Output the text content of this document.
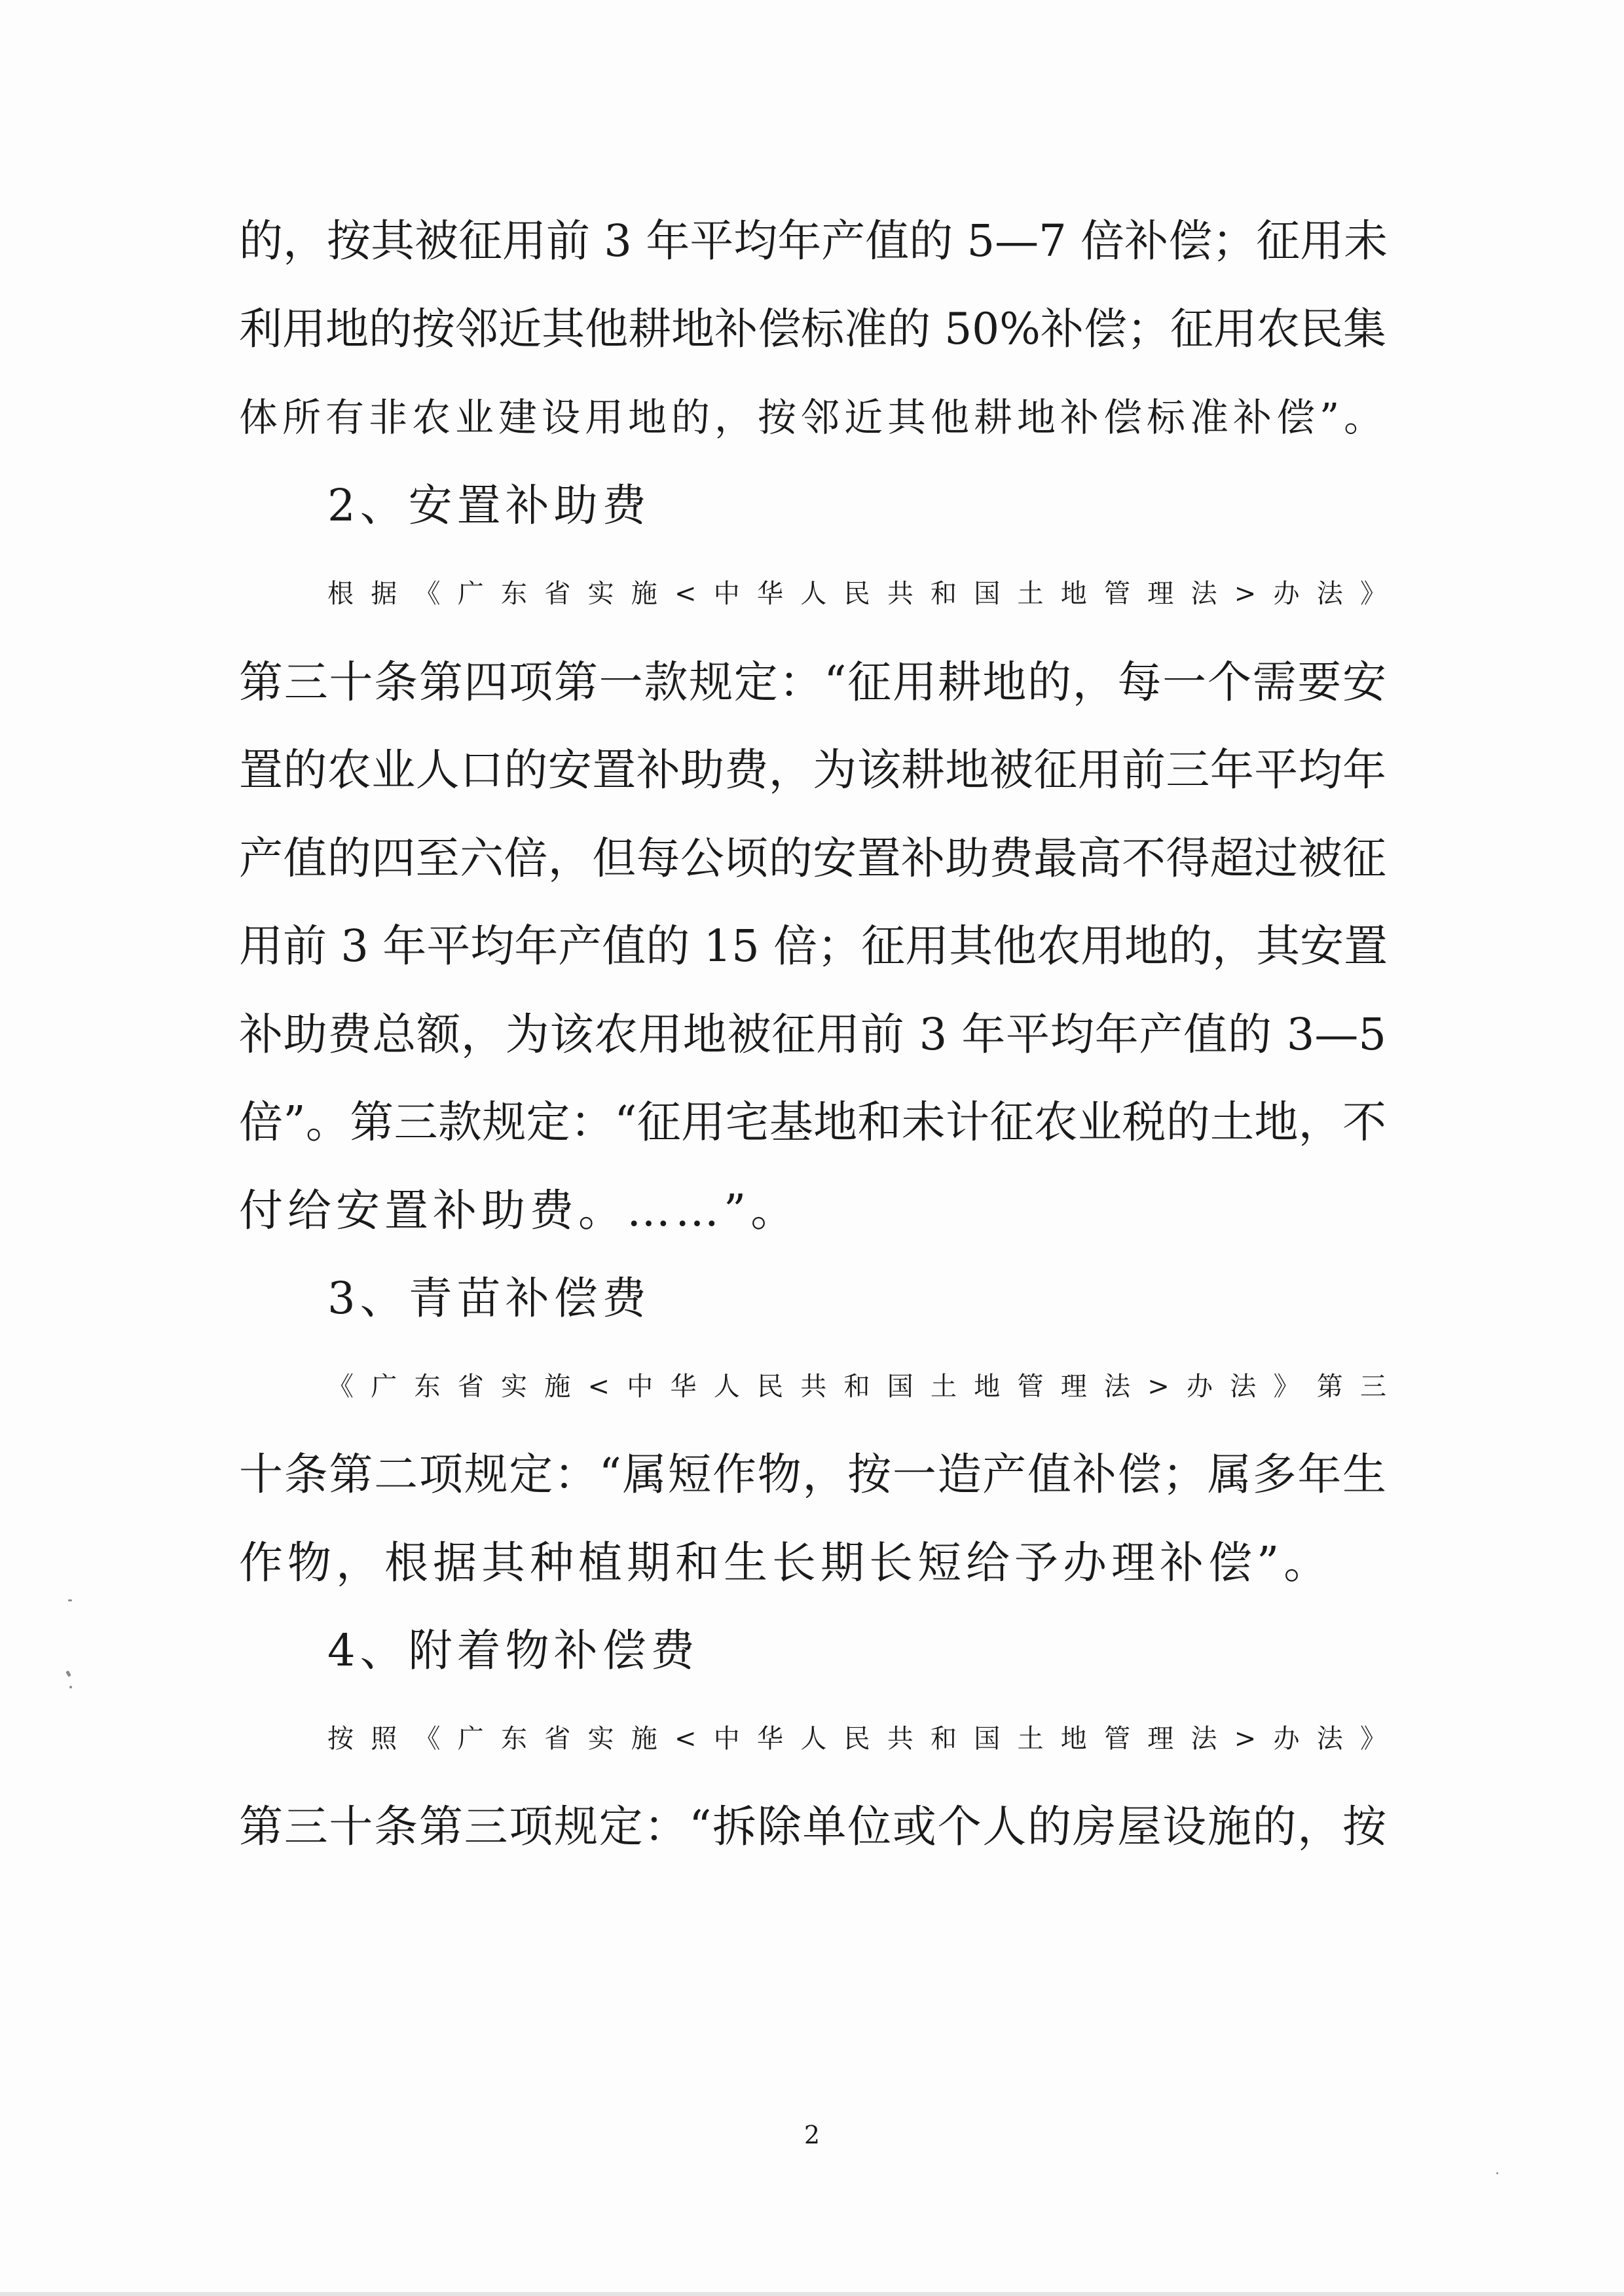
的，按其被征用前 3 年平均年产值的 5—7 倍补偿；征用未
利用地的按邻近其他耕地补偿标准的 50%补偿；征用农民集
体所有非农业建设用地的，按邻近其他耕地补偿标准补偿”。
2、安置补助费
根据《广东省实施<中华人民共和国土地管理法>办法》
第三十条第四项第一款规定：“征用耕地的，每一个需要安
置的农业人口的安置补助费，为该耕地被征用前三年平均年
产值的四至六倍，但每公顷的安置补助费最高不得超过被征
用前 3 年平均年产值的 15 倍；征用其他农用地的，其安置
补助费总额，为该农用地被征用前 3 年平均年产值的 3—5
倍”。第三款规定：“征用宅基地和未计征农业税的土地，不
付给安置补助费。……”。
3、青苗补偿费
《广东省实施<中华人民共和国土地管理法>办法》第三
十条第二项规定：“属短作物，按一造产值补偿；属多年生
作物，根据其种植期和生长期长短给予办理补偿”。
4、附着物补偿费
按照《广东省实施<中华人民共和国土地管理法>办法》
第三十条第三项规定：“拆除单位或个人的房屋设施的，按
2
